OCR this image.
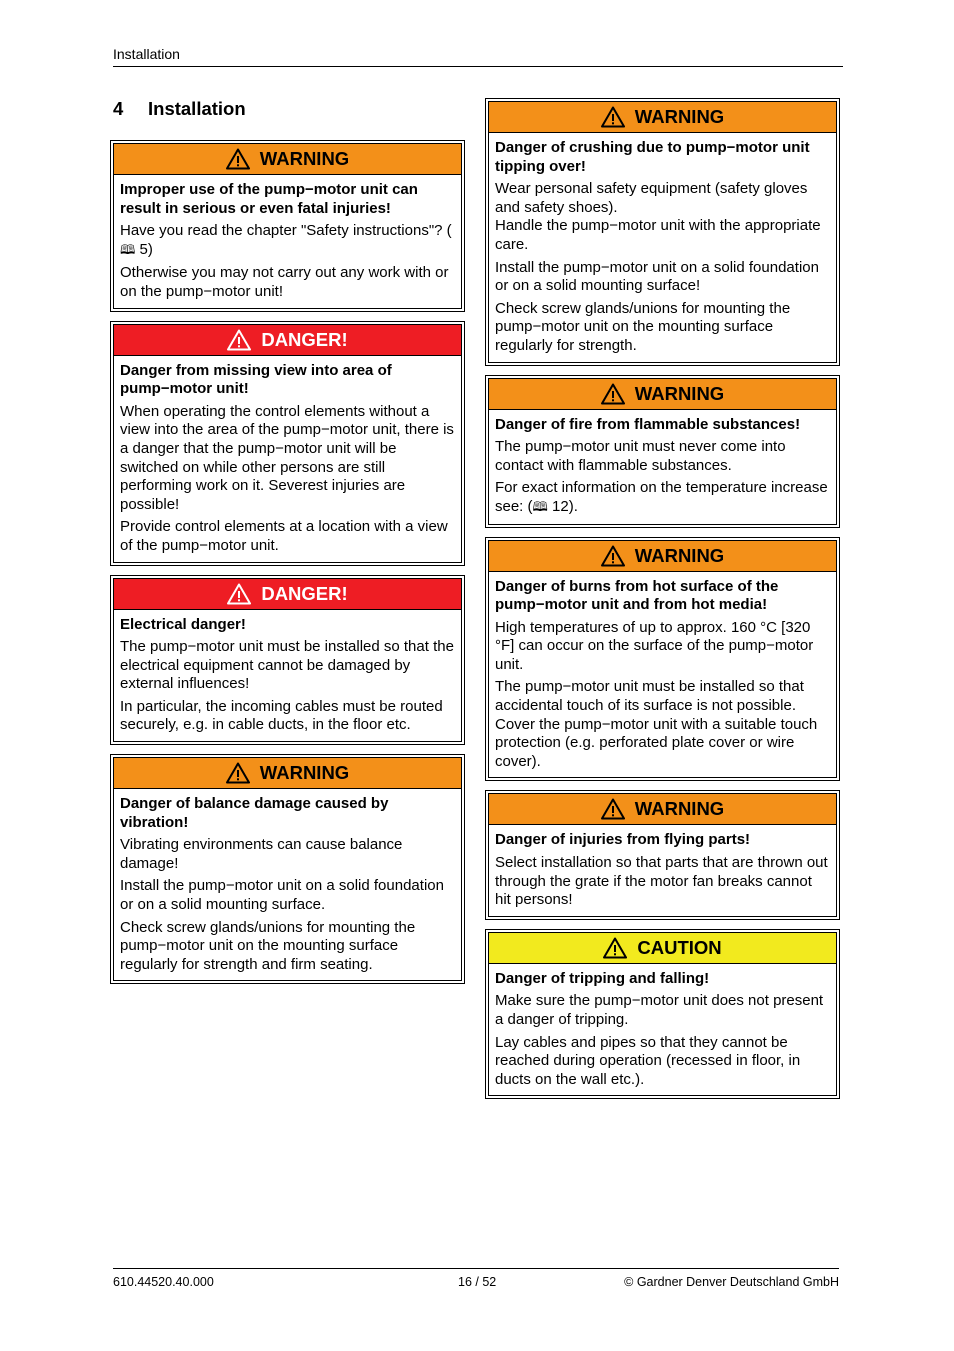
Installation
4 Installation
WARNING
Improper use of the pump−motor unit can result in serious or even fatal injuries!
Have you read the chapter "Safety instructions"? (🕮 5)
Otherwise you may not carry out any work with or on the pump−motor unit!
DANGER!
Danger from missing view into area of pump−motor unit!
When operating the control elements without a view into the area of the pump−motor unit, there is a danger that the pump−motor unit will be switched on while other persons are still performing work on it. Severest injuries are possible!
Provide control elements at a location with a view of the pump−motor unit.
DANGER!
Electrical danger!
The pump−motor unit must be installed so that the electrical equipment cannot be damaged by external influences!
In particular, the incoming cables must be routed securely, e.g. in cable ducts, in the floor etc.
WARNING
Danger of balance damage caused by vibration!
Vibrating environments can cause balance damage!
Install the pump−motor unit on a solid foundation or on a solid mounting surface.
Check screw glands/unions for mounting the pump−motor unit on the mounting surface regularly for strength and firm seating.
WARNING
Danger of crushing due to pump−motor unit tipping over!
Wear personal safety equipment (safety gloves and safety shoes).
Handle the pump−motor unit with the appropriate care.
Install the pump−motor unit on a solid foundation or on a solid mounting surface!
Check screw glands/unions for mounting the pump−motor unit on the mounting surface regularly for strength.
WARNING
Danger of fire from flammable substances!
The pump−motor unit must never come into contact with flammable substances.
For exact information on the temperature increase see: (🕮 12).
WARNING
Danger of burns from hot surface of the pump−motor unit and from hot media!
High temperatures of up to approx. 160 °C [320 °F] can occur on the surface of the pump−motor unit.
The pump−motor unit must be installed so that accidental touch of its surface is not possible. Cover the pump−motor unit with a suitable touch protection (e.g. perforated plate cover or wire cover).
WARNING
Danger of injuries from flying parts!
Select installation so that parts that are thrown out through the grate if the motor fan breaks cannot hit persons!
CAUTION
Danger of tripping and falling!
Make sure the pump−motor unit does not present a danger of tripping.
Lay cables and pipes so that they cannot be reached during operation (recessed in floor, in ducts on the wall etc.).
610.44520.40.000	16 / 52	© Gardner Denver Deutschland GmbH
